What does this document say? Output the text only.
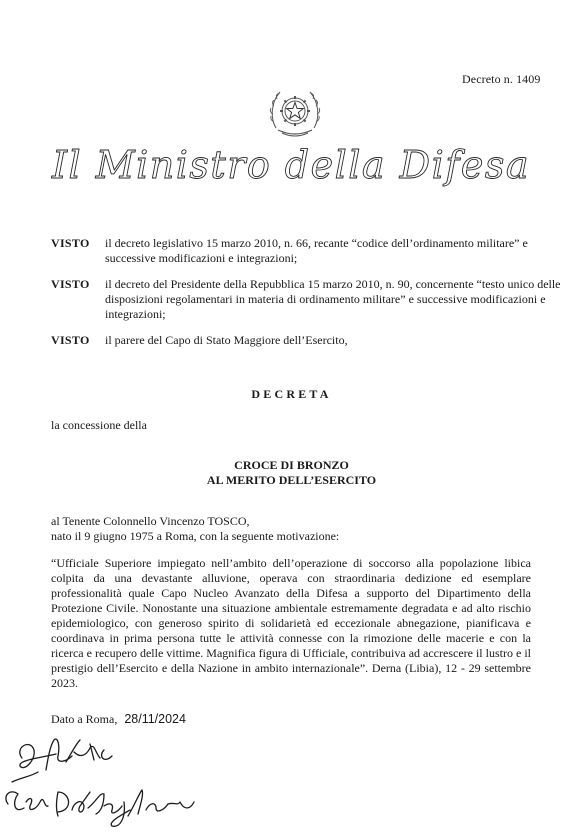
Decreto n. 1409
Il Ministro della Difesa
VISTO il decreto legislativo 15 marzo 2010, n. 66, recante “codice dell’ordinamento militare” e successive modificazioni e integrazioni;
VISTO il decreto del Presidente della Repubblica 15 marzo 2010, n. 90, concernente “testo unico delle disposizioni regolamentari in materia di ordinamento militare” e successive modificazioni e integrazioni;
VISTO il parere del Capo di Stato Maggiore dell’Esercito,
DECRETA
la concessione della
CROCE DI BRONZO
AL MERITO DELL’ESERCITO
al Tenente Colonnello Vincenzo TOSCO,
nato il 9 giugno 1975 a Roma, con la seguente motivazione:
“Ufficiale Superiore impiegato nell’ambito dell’operazione di soccorso alla popolazione libica colpita da una devastante alluvione, operava con straordinaria dedizione ed esemplare professionalità quale Capo Nucleo Avanzato della Difesa a supporto del Dipartimento della Protezione Civile. Nonostante una situazione ambientale estremamente degradata e ad alto rischio epidemiologico, con generoso spirito di solidarietà ed eccezionale abnegazione, pianificava e coordinava in prima persona tutte le attività connesse con la rimozione delle macerie e con la ricerca e recupero delle vittime. Magnifica figura di Ufficiale, contribuiva ad accrescere il lustro e il prestigio dell’Esercito e della Nazione in ambito internazionale”. Derna (Libia), 12 - 29 settembre 2023.
Dato a Roma, 28/11/2024
